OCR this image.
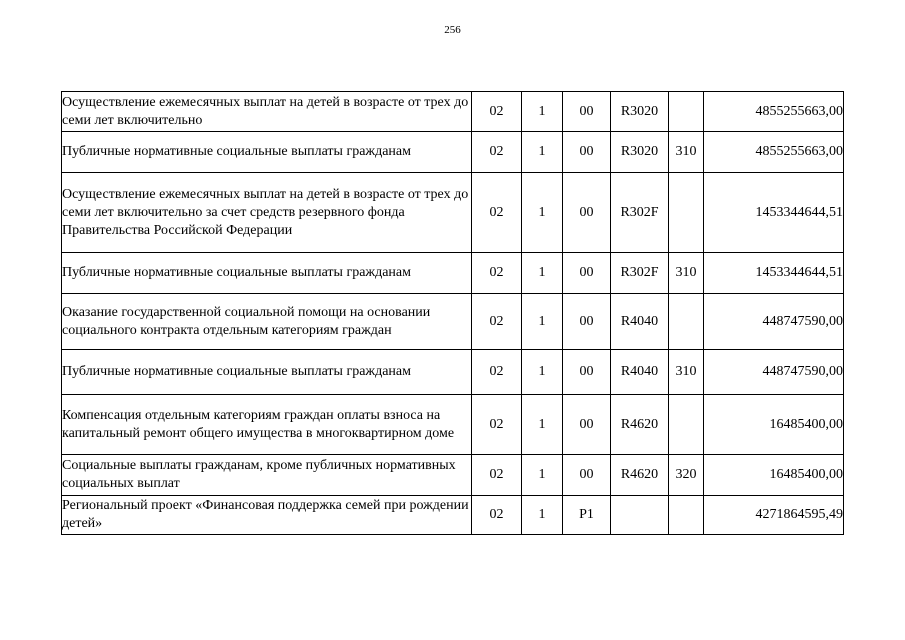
256
Осуществление ежемесячных выплат на детей в возрасте от трех до семи лет включительно	02	1	00	R3020		4855255663,00
Публичные нормативные социальные выплаты гражданам	02	1	00	R3020	310	4855255663,00
Осуществление ежемесячных выплат на детей в возрасте от трех до семи лет включительно за счет средств резервного фонда Правительства Российской Федерации	02	1	00	R302F		1453344644,51
Публичные нормативные социальные выплаты гражданам	02	1	00	R302F	310	1453344644,51
Оказание государственной социальной помощи на основании социального контракта отдельным категориям граждан	02	1	00	R4040		448747590,00
Публичные нормативные социальные выплаты гражданам	02	1	00	R4040	310	448747590,00
Компенсация отдельным категориям граждан оплаты взноса на капитальный ремонт общего имущества в многоквартирном доме	02	1	00	R4620		16485400,00
Социальные выплаты гражданам, кроме публичных нормативных социальных выплат	02	1	00	R4620	320	16485400,00
Региональный проект «Финансовая поддержка семей при рождении детей»	02	1	P1			4271864595,49
